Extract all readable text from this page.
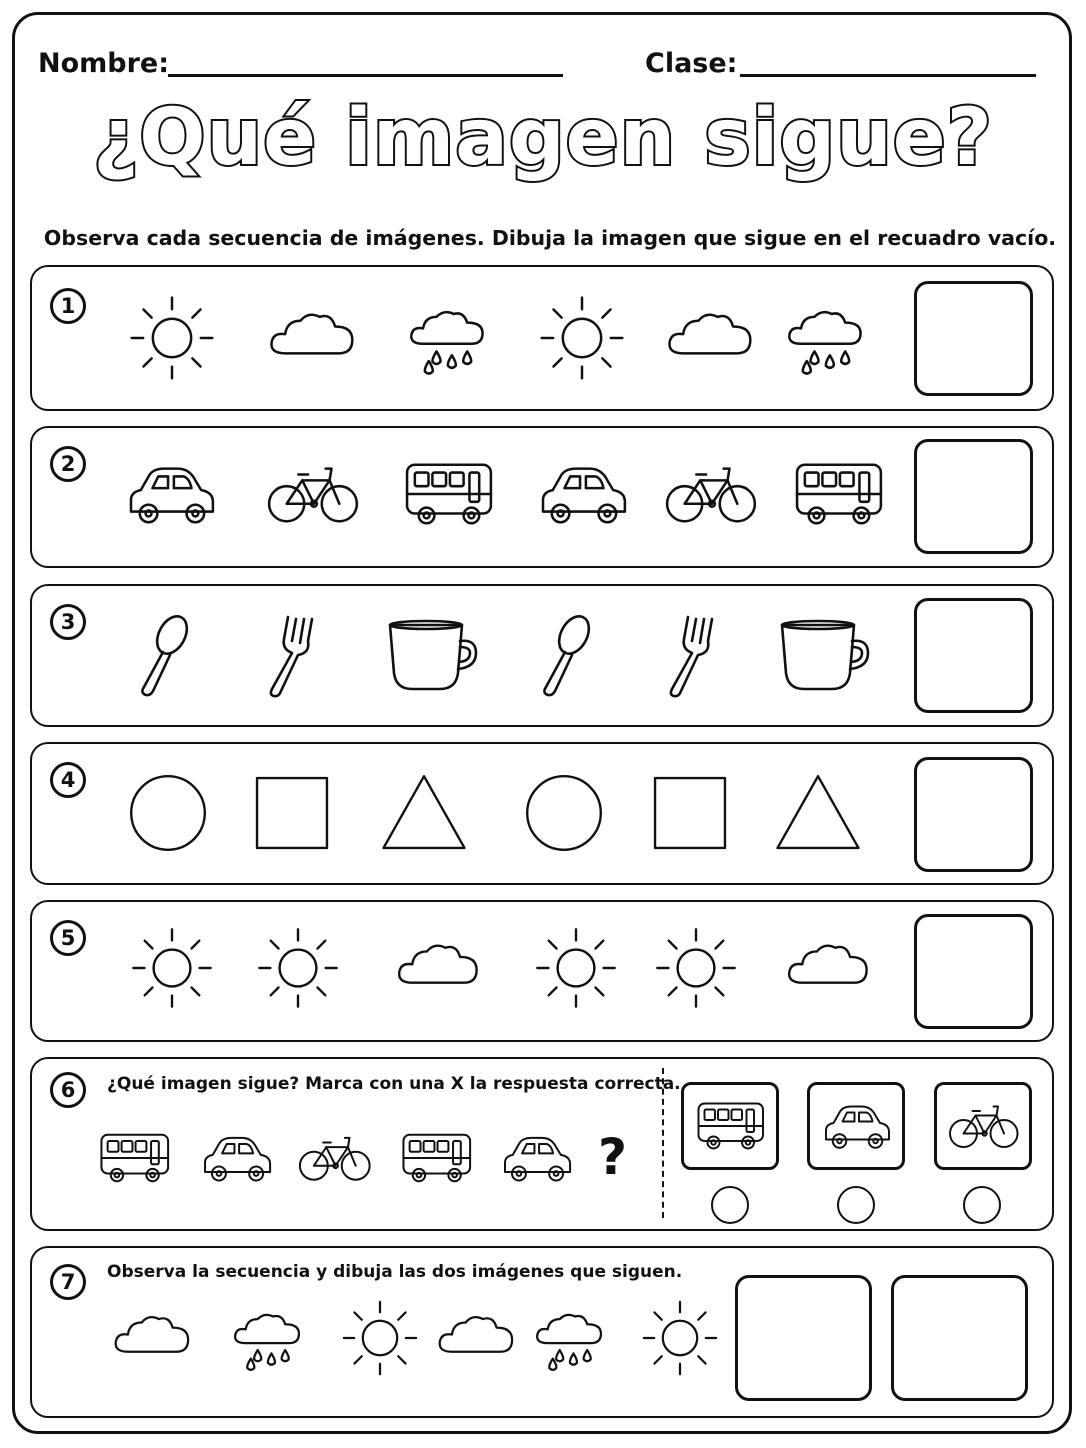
Nombre:	Clase:
¿Qué imagen sigue?
Observa cada secuencia de imágenes. Dibuja la imagen que sigue en el recuadro vacío.
1
2
3
4
5
6
7
¿Qué imagen sigue? Marca con una X la respuesta correcta.
Observa la secuencia y dibuja las dos imágenes que siguen.
?
